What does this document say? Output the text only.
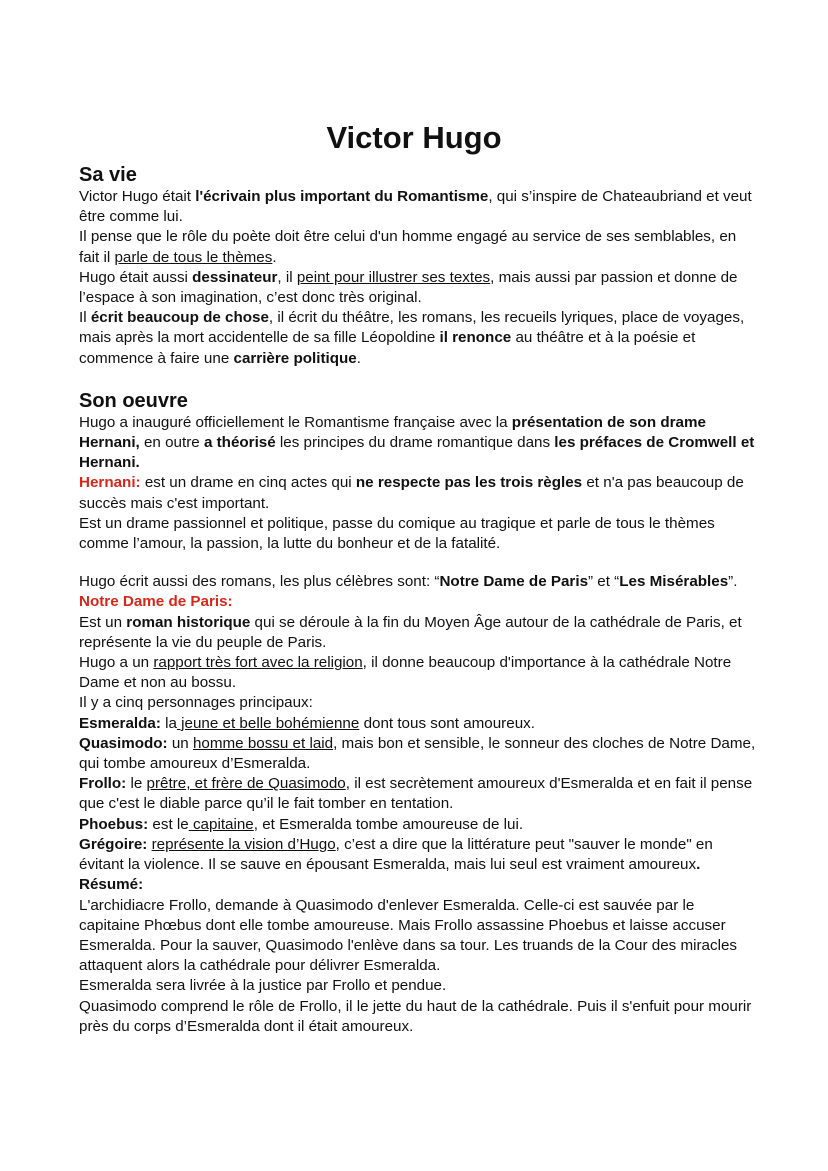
Victor Hugo
Sa vie

Victor Hugo était l'écrivain plus important du Romantisme, qui s’inspire de Chateaubriand et veut être comme lui.

Il pense que le rôle du poète doit être celui d'un homme engagé au service de ses semblables, en fait il parle de tous le thèmes.

Hugo était aussi dessinateur, il peint pour illustrer ses textes, mais aussi par passion et donne de l’espace à son imagination, c’est donc très original.

Il écrit beaucoup de chose, il écrit du théâtre, les romans, les recueils lyriques, place de voyages, mais après la mort accidentelle de sa fille Léopoldine il renonce au théâtre et à la poésie et commence à faire une carrière politique.

Son oeuvre

Hugo a inauguré officiellement le Romantisme française avec la présentation de son drame Hernani, en outre a théorisé les principes du drame romantique dans les préfaces de Cromwell et Hernani.

Hernani: est un drame en cinq actes qui ne respecte pas les trois règles et n'a pas beaucoup de succès mais c'est important.

Est un drame passionnel et politique, passe du comique au tragique et parle de tous le thèmes comme l’amour, la passion, la lutte du bonheur et de la fatalité.

Hugo écrit aussi des romans, les plus célèbres sont: “Notre Dame de Paris” et “Les Misérables”.

Notre Dame de Paris:

Est un roman historique qui se déroule à la fin du Moyen Âge autour de la cathédrale de Paris, et représente la vie du peuple de Paris.

Hugo a un rapport très fort avec la religion, il donne beaucoup d'importance à la cathédrale Notre Dame et non au bossu.

Il y a cinq personnages principaux:

Esmeralda: la jeune et belle bohémienne dont tous sont amoureux.

Quasimodo: un homme bossu et laid, mais bon et sensible, le sonneur des cloches de Notre Dame, qui tombe amoureux d’Esmeralda.

Frollo: le prêtre, et frère de Quasimodo, il est secrètement amoureux d'Esmeralda et en fait il pense que c'est le diable parce qu’il le fait tomber en tentation.

Phoebus: est le capitaine, et Esmeralda tombe amoureuse de lui.

Grégoire: représente la vision d’Hugo, c’est a dire que la littérature peut "sauver le monde" en évitant la violence. Il se sauve en épousant Esmeralda, mais lui seul est vraiment amoureux.

Résumé:

L'archidiacre Frollo, demande à Quasimodo d'enlever Esmeralda. Celle-ci est sauvée par le capitaine Phœbus dont elle tombe amoureuse. Mais Frollo assassine Phoebus et laisse accuser Esmeralda. Pour la sauver, Quasimodo l'enlève dans sa tour. Les truands de la Cour des miracles attaquent alors la cathédrale pour délivrer Esmeralda.

Esmeralda sera livrée à la justice par Frollo et pendue.

Quasimodo comprend le rôle de Frollo, il le jette du haut de la cathédrale. Puis il s'enfuit pour mourir près du corps d’Esmeralda dont il était amoureux.
